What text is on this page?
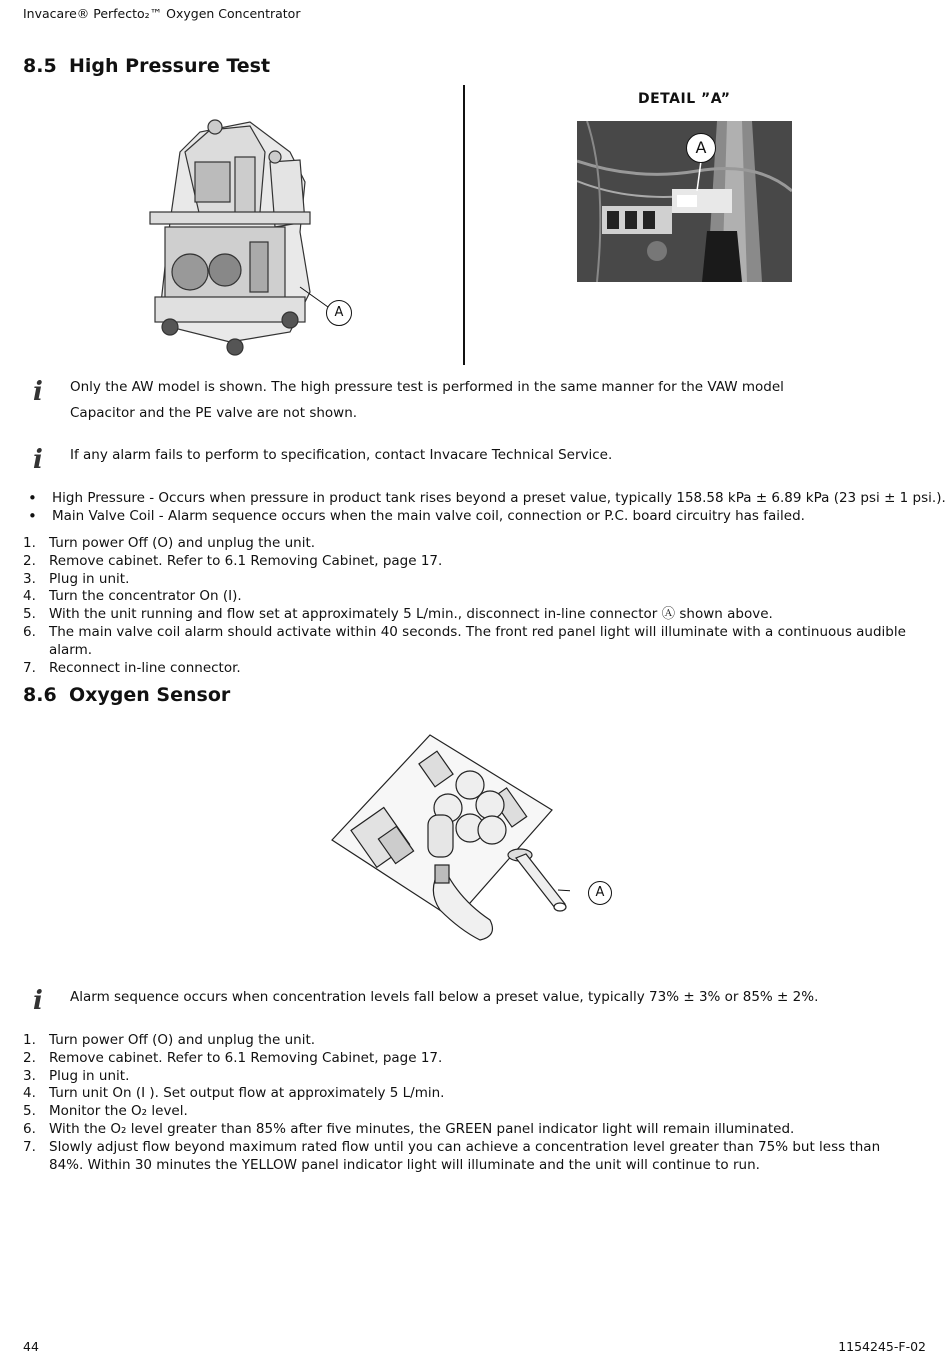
Invacare® Perfecto₂™ Oxygen Concentrator
8.5 High Pressure Test
A
DETAIL ”A”
A
i Only the AW model is shown. The high pressure test is performed in the same manner for the VAW model
Capacitor and the PE valve are not shown.
i If any alarm fails to perform to specification, contact Invacare Technical Service.
•	High Pressure - Occurs when pressure in product tank rises beyond a preset value, typically 158.58 kPa ± 6.89 kPa (23 psi ± 1 psi.).
•	Main Valve Coil - Alarm sequence occurs when the main valve coil, connection or P.C. board circuitry has failed.
1. Turn power Off (O) and unplug the unit.
2. Remove cabinet. Refer to 6.1 Removing Cabinet, page 17.
3. Plug in unit.
4. Turn the concentrator On (I).
5. With the unit running and flow set at approximately 5 L/min., disconnect in-line connector Ⓐ shown above.
6. The main valve coil alarm should activate within 40 seconds. The front red panel light will illuminate with a continuous audible alarm.
7. Reconnect in-line connector.
8.6 Oxygen Sensor
A
i Alarm sequence occurs when concentration levels fall below a preset value, typically 73% ± 3% or 85% ± 2%.
1. Turn power Off (O) and unplug the unit.
2. Remove cabinet. Refer to 6.1 Removing Cabinet, page 17.
3. Plug in unit.
4. Turn unit On (I ). Set output flow at approximately 5 L/min.
5. Monitor the O₂ level.
6. With the O₂ level greater than 85% after five minutes, the GREEN panel indicator light will remain illuminated.
7. Slowly adjust flow beyond maximum rated flow until you can achieve a concentration level greater than 75% but less than 84%. Within 30 minutes the YELLOW panel indicator light will illuminate and the unit will continue to run.
44	1154245-F-02
